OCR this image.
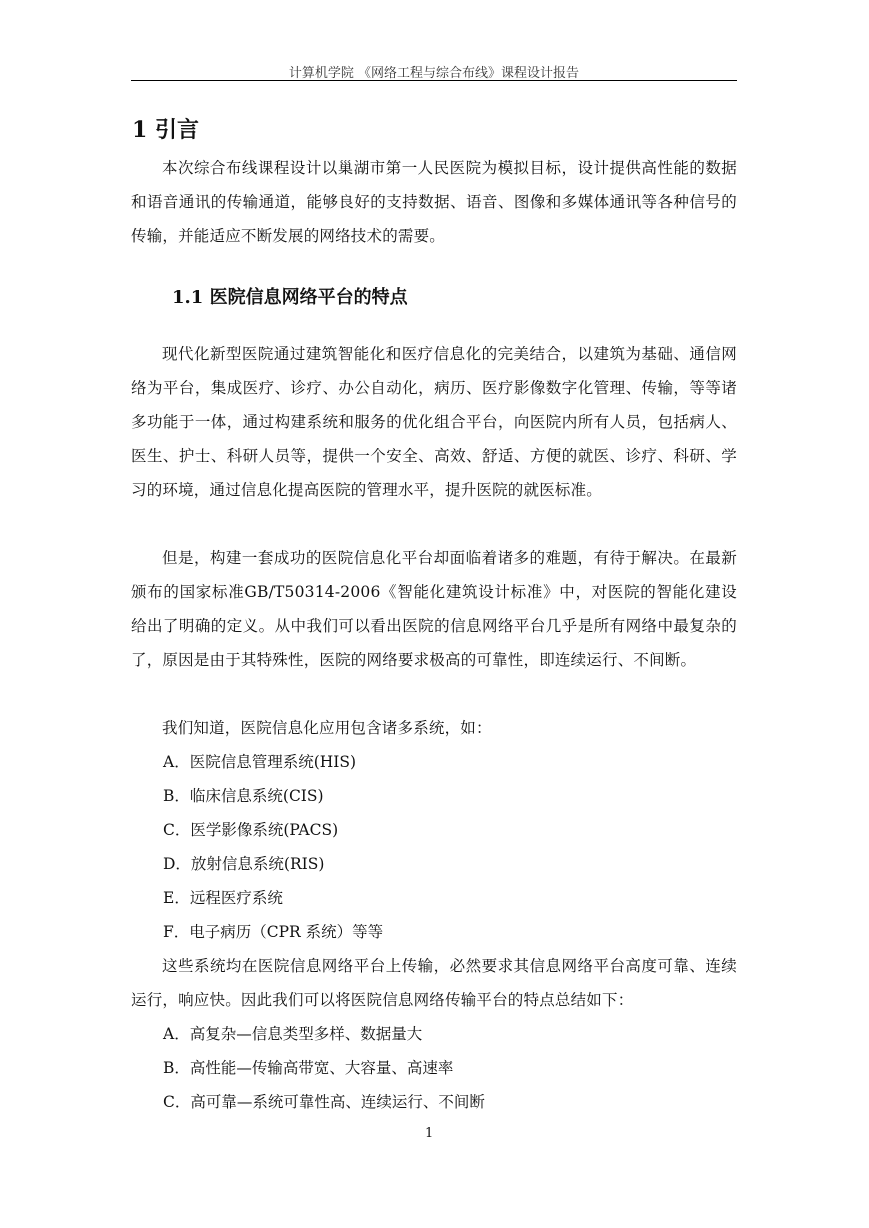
计算机学院 《网络工程与综合布线》课程设计报告
1 引言

本次综合布线课程设计以巢湖市第一人民医院为模拟目标，设计提供高性能的数据和语音通讯的传输通道，能够良好的支持数据、语音、图像和多媒体通讯等各种信号的传输，并能适应不断发展的网络技术的需要。

1.1 医院信息网络平台的特点

现代化新型医院通过建筑智能化和医疗信息化的完美结合，以建筑为基础、通信网络为平台，集成医疗、诊疗、办公自动化，病历、医疗影像数字化管理、传输，等等诸多功能于一体，通过构建系统和服务的优化组合平台，向医院内所有人员，包括病人、医生、护士、科研人员等，提供一个安全、高效、舒适、方便的就医、诊疗、科研、学习的环境，通过信息化提高医院的管理水平，提升医院的就医标准。

但是，构建一套成功的医院信息化平台却面临着诸多的难题，有待于解决。在最新颁布的国家标准GB/T50314-2006《智能化建筑设计标准》中，对医院的智能化建设给出了明确的定义。从中我们可以看出医院的信息网络平台几乎是所有网络中最复杂的了，原因是由于其特殊性，医院的网络要求极高的可靠性，即连续运行、不间断。

我们知道，医院信息化应用包含诸多系统，如：

A．医院信息管理系统(HIS)
B．临床信息系统(CIS)
C．医学影像系统(PACS)
D．放射信息系统(RIS)
E．远程医疗系统
F．电子病历（CPR 系统）等等

这些系统均在医院信息网络平台上传输，必然要求其信息网络平台高度可靠、连续运行，响应快。因此我们可以将医院信息网络传输平台的特点总结如下：

A．高复杂—信息类型多样、数据量大
B．高性能—传输高带宽、大容量、高速率
C．高可靠—系统可靠性高、连续运行、不间断
1
